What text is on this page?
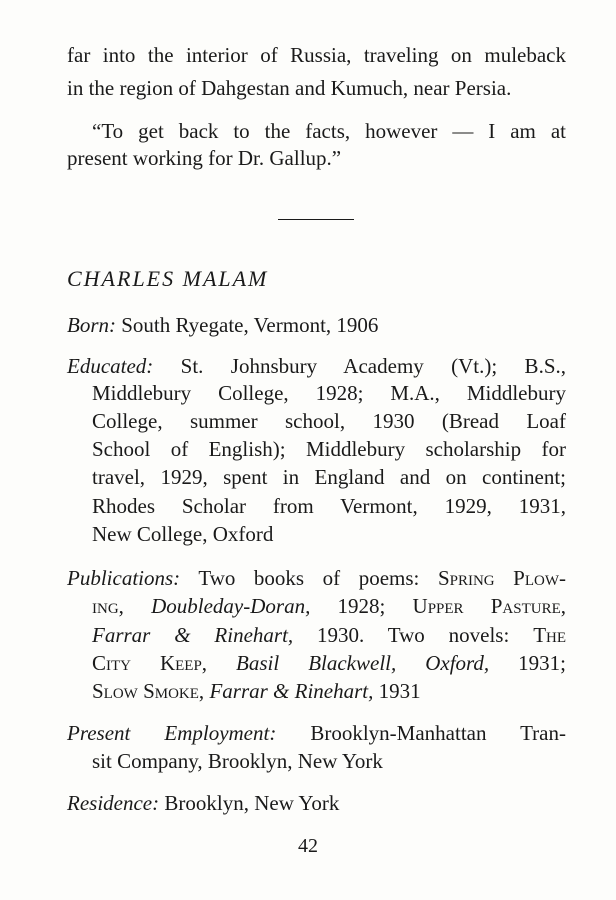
far into the interior of Russia, traveling on muleback
in the region of Dahgestan and Kumuch, near Persia.
“To get back to the facts, however — I am at
present working for Dr. Gallup.”
CHARLES MALAM
Born: South Ryegate, Vermont, 1906
Educated: St. Johnsbury Academy (Vt.); B.S.,
Middlebury College, 1928; M.A., Middlebury
College, summer school, 1930 (Bread Loaf
School of English); Middlebury scholarship for
travel, 1929, spent in England and on continent;
Rhodes Scholar from Vermont, 1929, 1931,
New College, Oxford
Publications: Two books of poems: Spring Plow-
ing, Doubleday-Doran, 1928; Upper Pasture,
Farrar & Rinehart, 1930. Two novels: The
City Keep, Basil Blackwell, Oxford, 1931;
Slow Smoke, Farrar & Rinehart, 1931
Present Employment: Brooklyn-Manhattan Tran-
sit Company, Brooklyn, New York
Residence: Brooklyn, New York
42
